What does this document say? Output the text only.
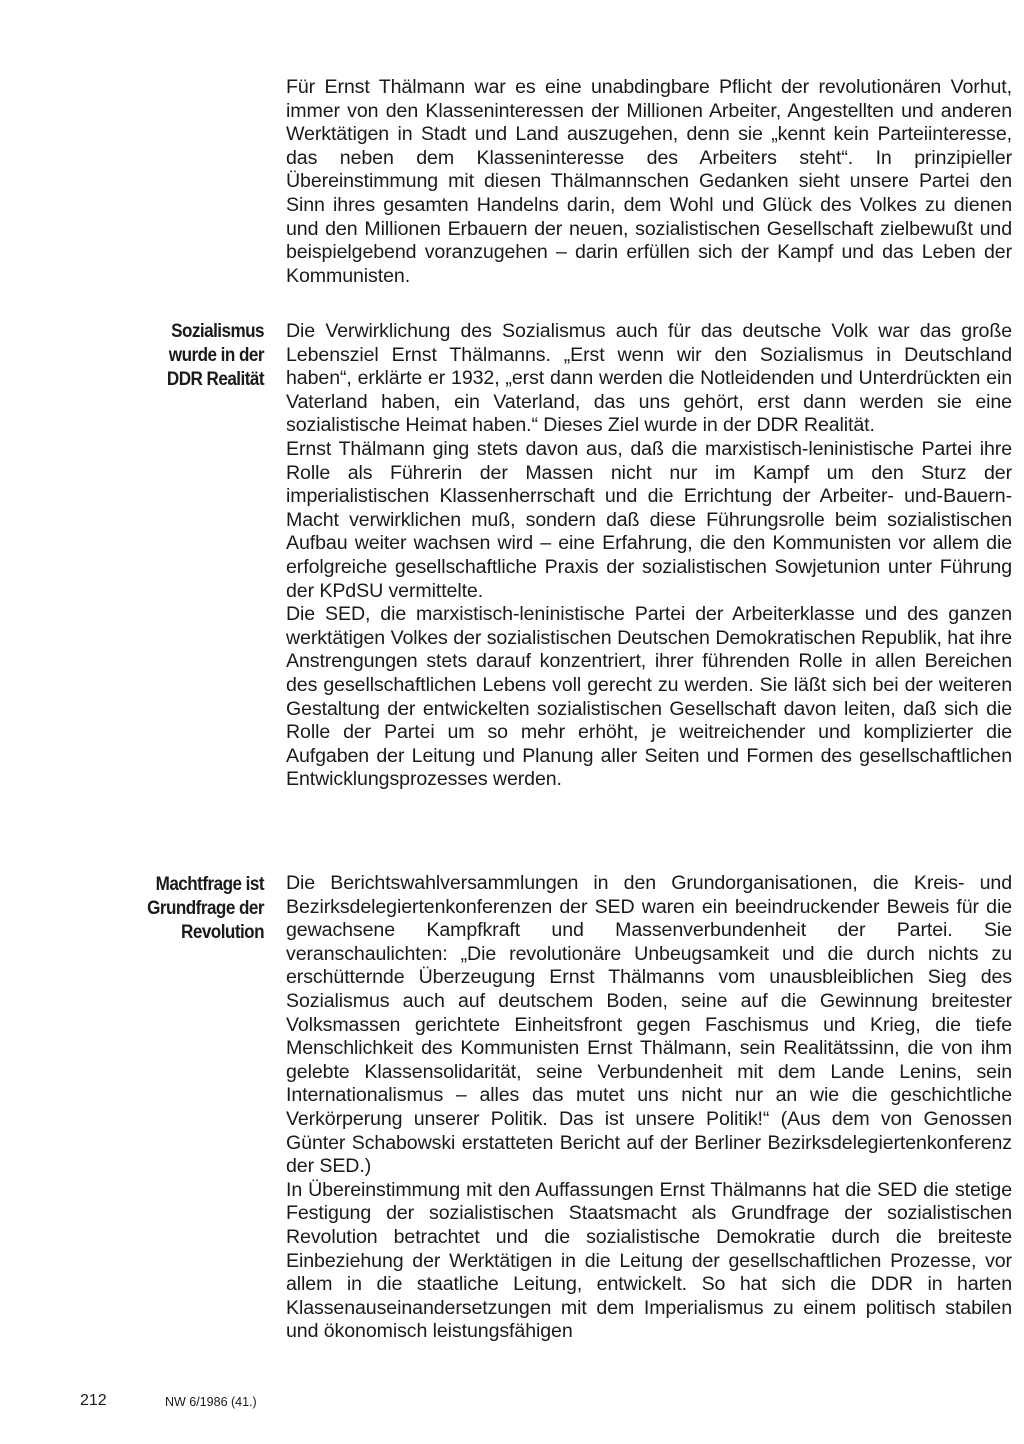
Für Ernst Thälmann war es eine unabdingbare Pflicht der revolutionären Vorhut, immer von den Klasseninteressen der Millionen Arbeiter, Angestellten und anderen Werktätigen in Stadt und Land auszugehen, denn sie „kennt kein Parteiinteresse, das neben dem Klasseninteresse des Arbeiters steht“. In prinzipieller Übereinstimmung mit diesen Thälmannschen Gedanken sieht unsere Partei den Sinn ihres gesamten Handelns darin, dem Wohl und Glück des Volkes zu dienen und den Millionen Erbauern der neuen, sozialistischen Gesellschaft zielbewußt und beispielgebend voranzugehen – darin erfüllen sich der Kampf und das Leben der Kommunisten.

Sozialismus
wurde in der
DDR Realität

Die Verwirklichung des Sozialismus auch für das deutsche Volk war das große Lebensziel Ernst Thälmanns. „Erst wenn wir den Sozialismus in Deutschland haben“, erklärte er 1932, „erst dann werden die Notleidenden und Unterdrückten ein Vaterland haben, ein Vaterland, das uns gehört, erst dann werden sie eine sozialistische Heimat haben.“ Dieses Ziel wurde in der DDR Realität.

Ernst Thälmann ging stets davon aus, daß die marxistisch-leninistische Partei ihre Rolle als Führerin der Massen nicht nur im Kampf um den Sturz der imperialistischen Klassenherrschaft und die Errichtung der Arbeiter- und-Bauern-Macht verwirklichen muß, sondern daß diese Führungsrolle beim sozialistischen Aufbau weiter wachsen wird – eine Erfahrung, die den Kommunisten vor allem die erfolgreiche gesellschaftliche Praxis der sozialistischen Sowjetunion unter Führung der KPdSU vermittelte.

Die SED, die marxistisch-leninistische Partei der Arbeiterklasse und des ganzen werktätigen Volkes der sozialistischen Deutschen Demokratischen Republik, hat ihre Anstrengungen stets darauf konzentriert, ihrer führenden Rolle in allen Bereichen des gesellschaftlichen Lebens voll gerecht zu werden. Sie läßt sich bei der weiteren Gestaltung der entwickelten sozialistischen Gesellschaft davon leiten, daß sich die Rolle der Partei um so mehr erhöht, je weitreichender und komplizierter die Aufgaben der Leitung und Planung aller Seiten und Formen des gesellschaftlichen Entwicklungsprozesses werden.

Machtfrage ist
Grundfrage der
Revolution

Die Berichtswahlversammlungen in den Grundorganisationen, die Kreis- und Bezirksdelegiertenkonferenzen der SED waren ein beeindruckender Beweis für die gewachsene Kampfkraft und Massenverbundenheit der Partei. Sie veranschaulichten: „Die revolutionäre Unbeugsamkeit und die durch nichts zu erschütternde Überzeugung Ernst Thälmanns vom unausbleiblichen Sieg des Sozialismus auch auf deutschem Boden, seine auf die Gewinnung breitester Volksmassen gerichtete Einheitsfront gegen Faschismus und Krieg, die tiefe Menschlichkeit des Kommunisten Ernst Thälmann, sein Realitätssinn, die von ihm gelebte Klassensolidarität, seine Verbundenheit mit dem Lande Lenins, sein Internationalismus – alles das mutet uns nicht nur an wie die geschichtliche Verkörperung unserer Politik. Das ist unsere Politik!“ (Aus dem von Genossen Günter Schabowski erstatteten Bericht auf der Berliner Bezirksdelegiertenkonferenz der SED.)

In Übereinstimmung mit den Auffassungen Ernst Thälmanns hat die SED die stetige Festigung der sozialistischen Staatsmacht als Grundfrage der sozialistischen Revolution betrachtet und die sozialistische Demokratie durch die breiteste Einbeziehung der Werktätigen in die Leitung der gesellschaftlichen Prozesse, vor allem in die staatliche Leitung, entwickelt. So hat sich die DDR in harten Klassenauseinandersetzungen mit dem Imperialismus zu einem politisch stabilen und ökonomisch leistungsfähigen

212	NW 6/1986 (41.)
